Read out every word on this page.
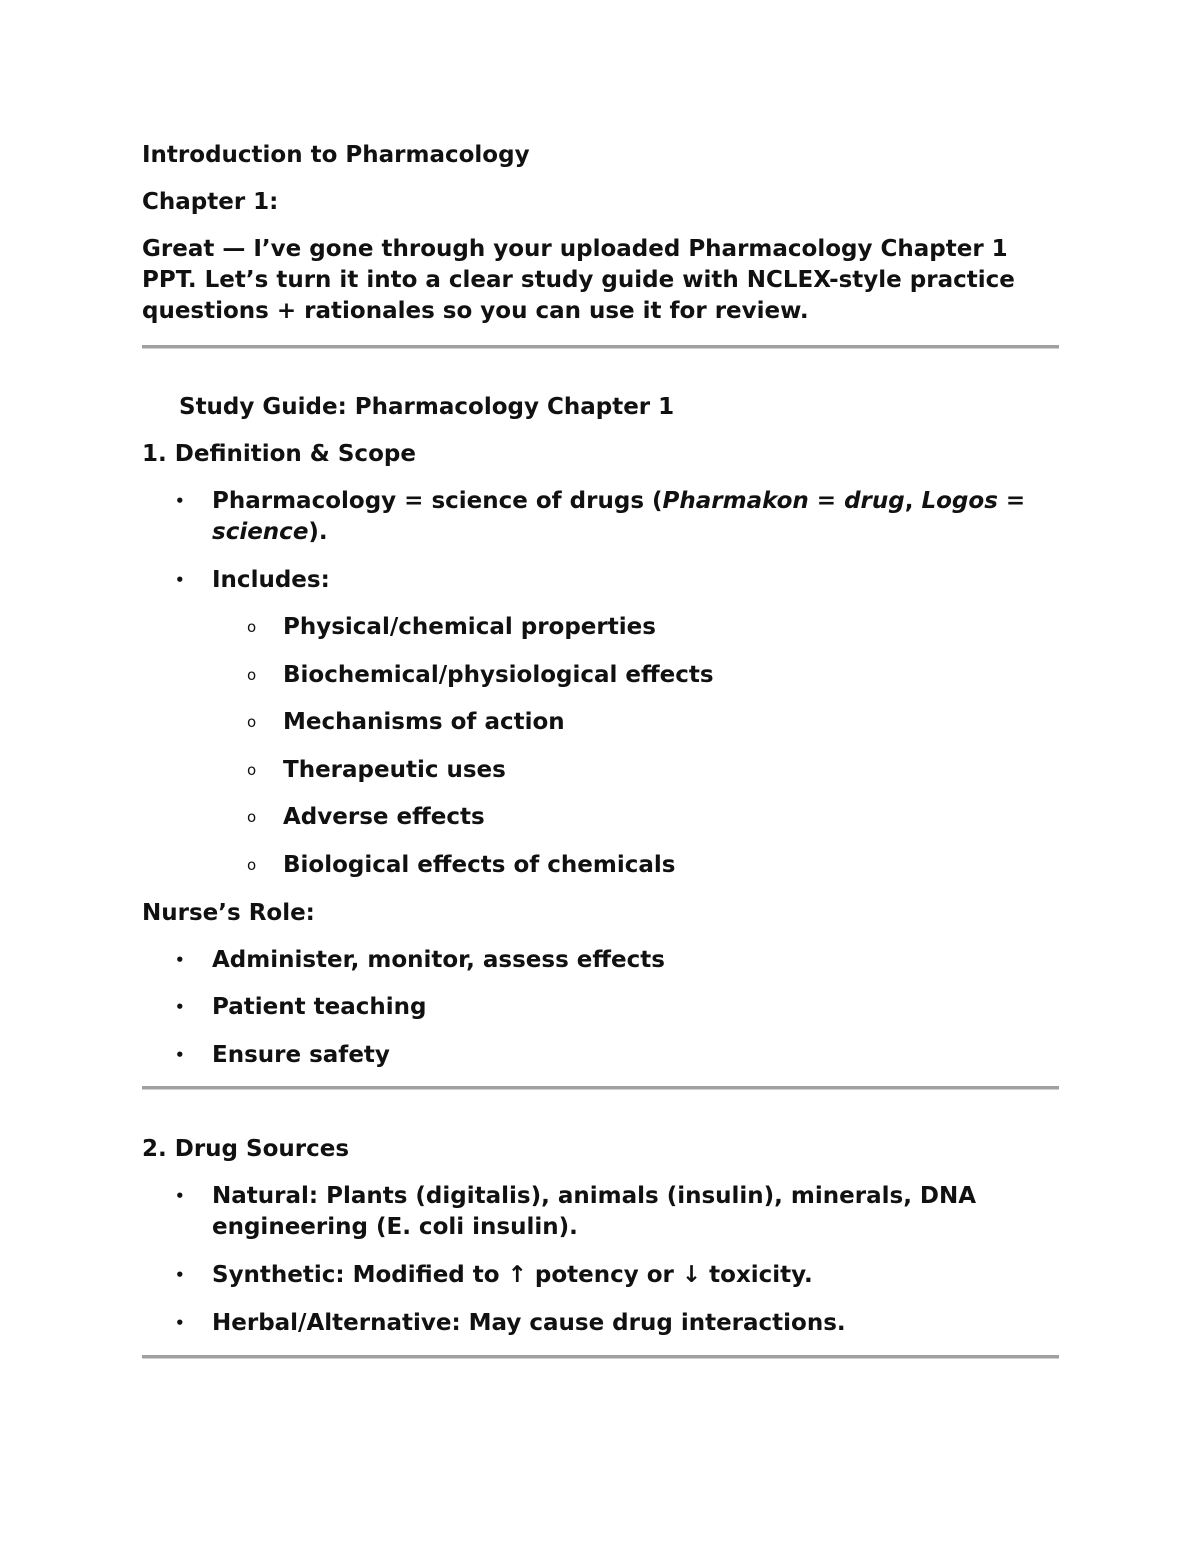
Introduction to Pharmacology
Chapter 1:
Great — I’ve gone through your uploaded Pharmacology Chapter 1 PPT. Let’s turn it into a clear study guide with NCLEX-style practice questions + rationales so you can use it for review.
Study Guide: Pharmacology Chapter 1
1. Definition & Scope
• Pharmacology = science of drugs (Pharmakon = drug, Logos =
science).
• Includes:
o Physical/chemical properties
o Biochemical/physiological effects
o Mechanisms of action
o Therapeutic uses
o Adverse effects
o Biological effects of chemicals
Nurse’s Role:
• Administer, monitor, assess effects
• Patient teaching
• Ensure safety
2. Drug Sources
• Natural: Plants (digitalis), animals (insulin), minerals, DNA engineering (E. coli insulin).
• Synthetic: Modified to ↑ potency or ↓ toxicity.
• Herbal/Alternative: May cause drug interactions.
